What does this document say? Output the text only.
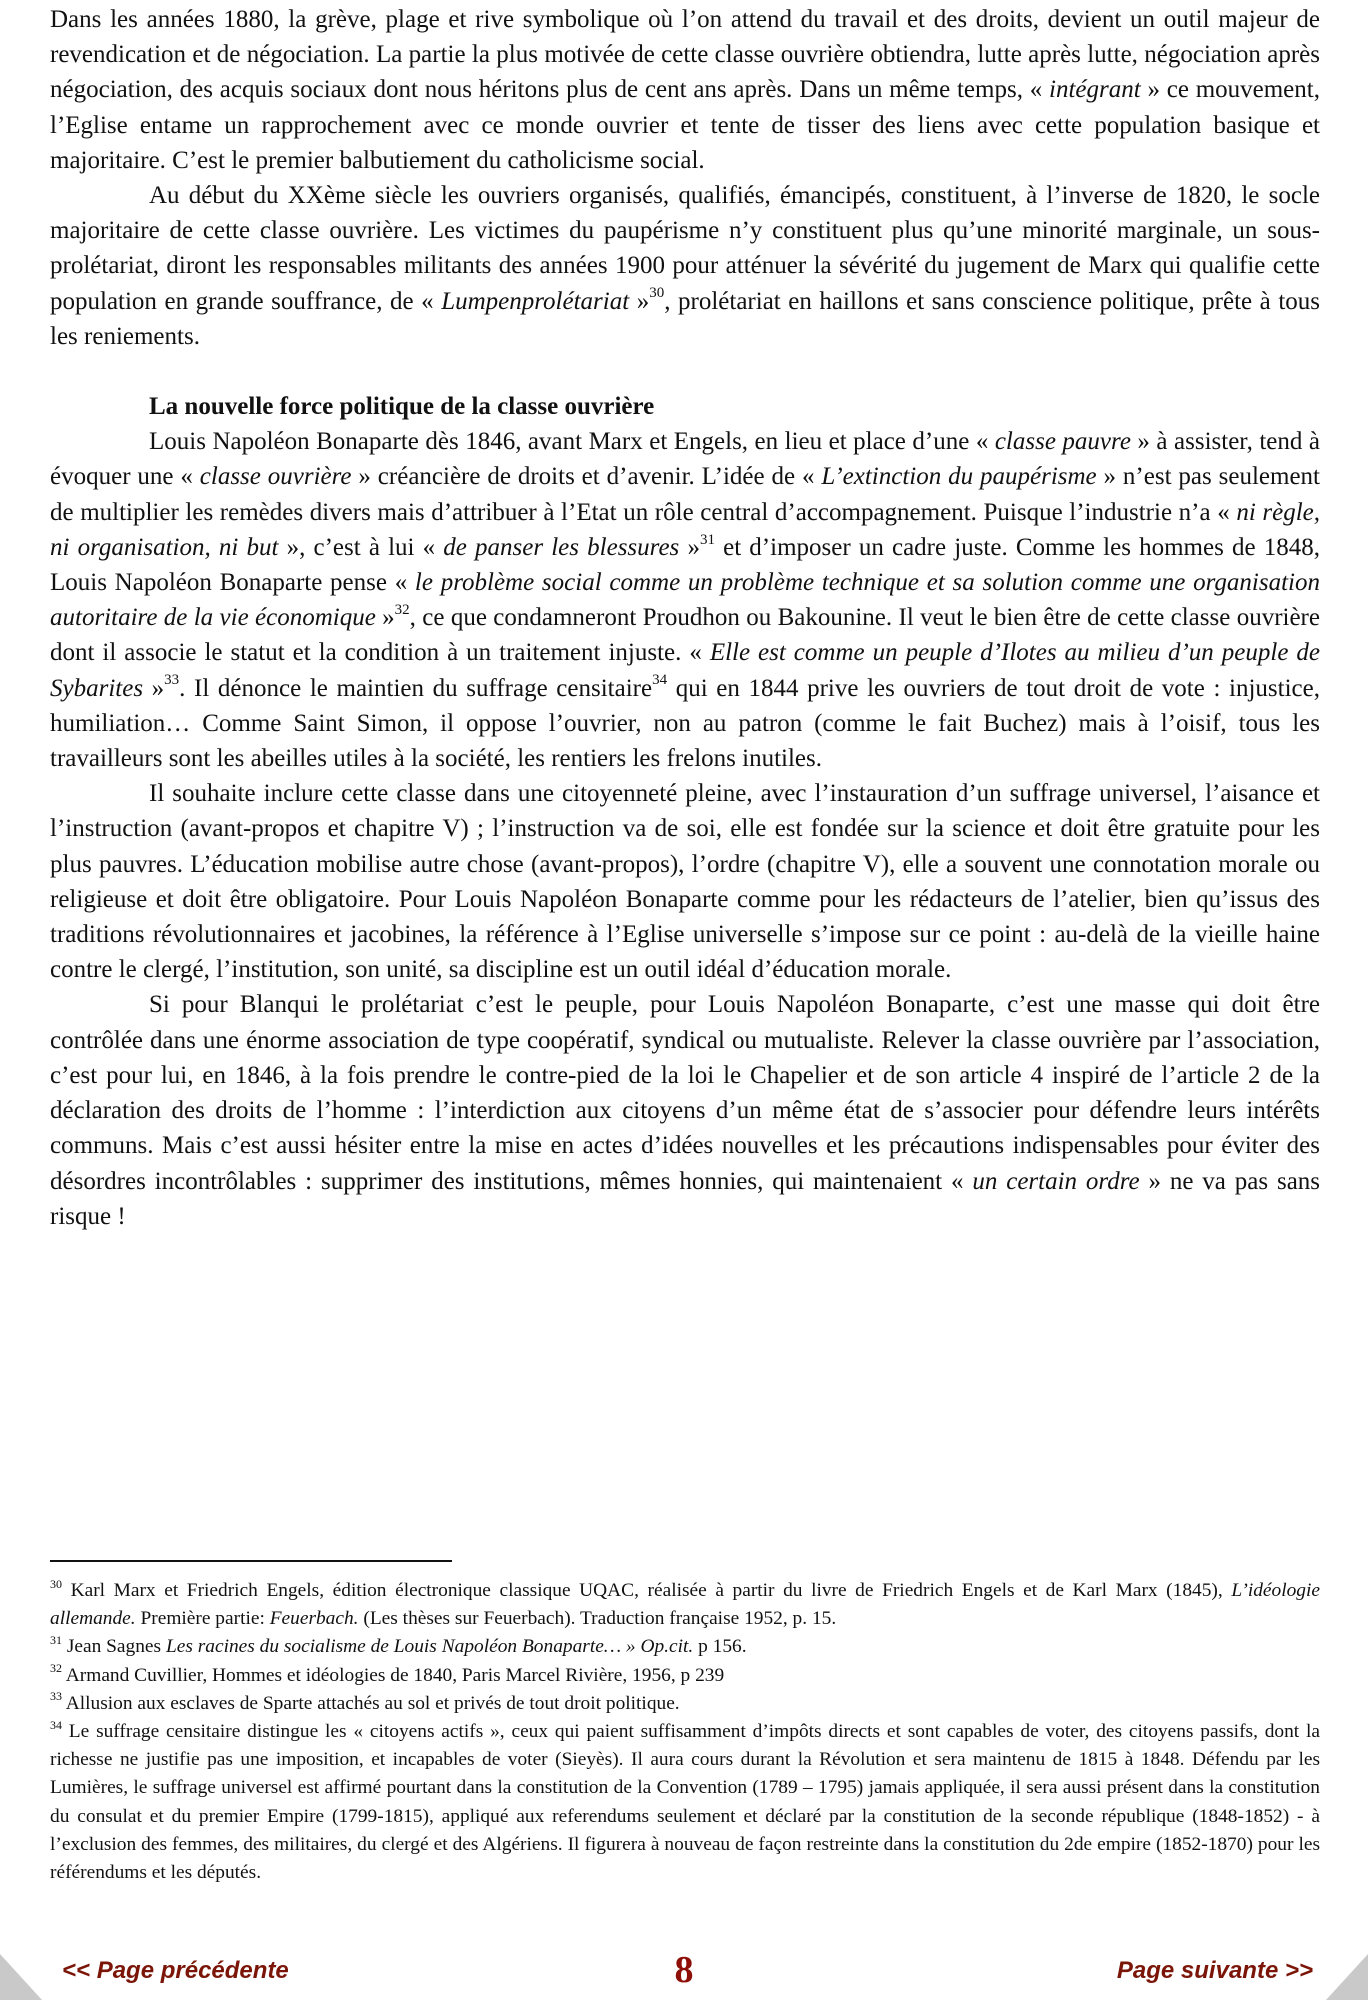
Dans les années 1880, la grève, plage et rive symbolique où l’on attend du travail et des droits, devient un outil majeur de revendication et de négociation. La partie la plus motivée de cette classe ouvrière obtiendra, lutte après lutte, négociation après négociation, des acquis sociaux dont nous héritons plus de cent ans après. Dans un même temps, « intégrant » ce mouvement, l’Eglise entame un rapprochement avec ce monde ouvrier et tente de tisser des liens avec cette population basique et majoritaire. C’est le premier balbutiement du catholicisme social.

Au début du XXème siècle les ouvriers organisés, qualifiés, émancipés, constituent, à l’inverse de 1820, le socle majoritaire de cette classe ouvrière. Les victimes du paupérisme n’y constituent plus qu’une minorité marginale, un sous-prolétariat, diront les responsables militants des années 1900 pour atténuer la sévérité du jugement de Marx qui qualifie cette population en grande souffrance, de « Lumpenprolétariat »$^{30}$, prolétariat en haillons et sans conscience politique, prête à tous les reniements.

La nouvelle force politique de la classe ouvrière

Louis Napoléon Bonaparte dès 1846, avant Marx et Engels, en lieu et place d’une « classe pauvre » à assister, tend à évoquer une « classe ouvrière » créancière de droits et d’avenir. L’idée de « L’extinction du paupérisme » n’est pas seulement de multiplier les remèdes divers mais d’attribuer à l’Etat un rôle central d’accompagnement. Puisque l’industrie n’a « ni règle, ni organisation, ni but », c’est à lui « de panser les blessures »$^{31}$ et d’imposer un cadre juste. Comme les hommes de 1848, Louis Napoléon Bonaparte pense « le problème social comme un problème technique et sa solution comme une organisation autoritaire de la vie économique »$^{32}$, ce que condamneront Proudhon ou Bakounine. Il veut le bien être de cette classe ouvrière dont il associe le statut et la condition à un traitement injuste. « Elle est comme un peuple d’Ilotes au milieu d’un peuple de Sybarites »$^{33}$. Il dénonce le maintien du suffrage censitaire$^{34}$ qui en 1844 prive les ouvriers de tout droit de vote : injustice, humiliation… Comme Saint Simon, il oppose l’ouvrier, non au patron (comme le fait Buchez) mais à l’oisif, tous les travailleurs sont les abeilles utiles à la société, les rentiers les frelons inutiles.

Il souhaite inclure cette classe dans une citoyenneté pleine, avec l’instauration d’un suffrage universel, l’aisance et l’instruction (avant-propos et chapitre V) ; l’instruction va de soi, elle est fondée sur la science et doit être gratuite pour les plus pauvres. L’éducation mobilise autre chose (avant-propos), l’ordre (chapitre V), elle a souvent une connotation morale ou religieuse et doit être obligatoire. Pour Louis Napoléon Bonaparte comme pour les rédacteurs de l’atelier, bien qu’issus des traditions révolutionnaires et jacobines, la référence à l’Eglise universelle s’impose sur ce point : au-delà de la vieille haine contre le clergé, l’institution, son unité, sa discipline est un outil idéal d’éducation morale.

Si pour Blanqui le prolétariat c’est le peuple, pour Louis Napoléon Bonaparte, c’est une masse qui doit être contrôlée dans une énorme association de type coopératif, syndical ou mutualiste. Relever la classe ouvrière par l’association, c’est pour lui, en 1846, à la fois prendre le contre-pied de la loi le Chapelier et de son article 4 inspiré de l’article 2 de la déclaration des droits de l’homme : l’interdiction aux citoyens d’un même état de s’associer pour défendre leurs intérêts communs. Mais c’est aussi hésiter entre la mise en actes d’idées nouvelles et les précautions indispensables pour éviter des désordres incontrôlables : supprimer des institutions, mêmes honnies, qui maintenaient « un certain ordre » ne va pas sans risque !

$^{30}$ Karl Marx et Friedrich Engels, édition électronique classique UQAC, réalisée à partir du livre de Friedrich Engels et de Karl Marx (1845), L’idéologie allemande. Première partie: Feuerbach. (Les thèses sur Feuerbach). Traduction française 1952, p. 15.

$^{31}$ Jean Sagnes Les racines du socialisme de Louis Napoléon Bonaparte… » Op.cit. p 156.

$^{32}$ Armand Cuvillier, Hommes et idéologies de 1840, Paris Marcel Rivière, 1956, p 239

$^{33}$ Allusion aux esclaves de Sparte attachés au sol et privés de tout droit politique.

$^{34}$ Le suffrage censitaire distingue les « citoyens actifs », ceux qui paient suffisamment d’impôts directs et sont capables de voter, des citoyens passifs, dont la richesse ne justifie pas une imposition, et incapables de voter (Sieyès). Il aura cours durant la Révolution et sera maintenu de 1815 à 1848. Défendu par les Lumières, le suffrage universel est affirmé pourtant dans la constitution de la Convention (1789 – 1795) jamais appliquée, il sera aussi présent dans la constitution du consulat et du premier Empire (1799-1815), appliqué aux referendums seulement et déclaré par la constitution de la seconde république (1848-1852) - à l’exclusion des femmes, des militaires, du clergé et des Algériens. Il figurera à nouveau de façon restreinte dans la constitution du 2de empire (1852-1870) pour les référendums et les députés.

<< Page précédente	8	Page suivante >>
